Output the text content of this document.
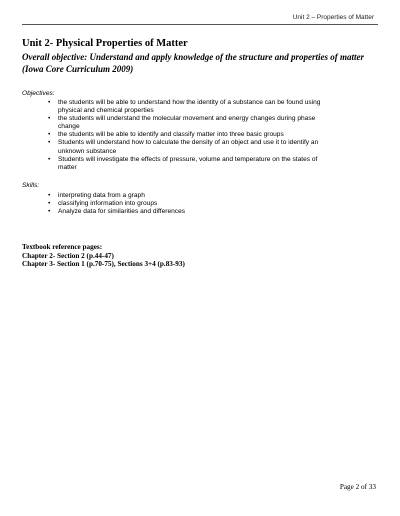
Unit 2 – Properties of Matter
Unit 2- Physical Properties of Matter
Overall objective: Understand and apply knowledge of the structure and properties of matter (Iowa Core Curriculum 2009)
Objectives:
• the students will be able to understand how the identity of a substance can be found using physical and chemical properties
• the students will understand the molecular movement and energy changes during phase change
• the students will be able to identify and classify matter into three basic groups
• Students will understand how to calculate the density of an object and use it to identify an unknown substance
• Students will investigate the effects of pressure, volume and temperature on the states of matter
Skills:
• interpreting data from a graph
• classifying information into groups
• Analyze data for similarities and differences
Textbook reference pages:
Chapter 2- Section 2 (p.44-47)
Chapter 3- Section 1 (p.70-75), Sections 3+4 (p.83-93)
Page 2 of 33
